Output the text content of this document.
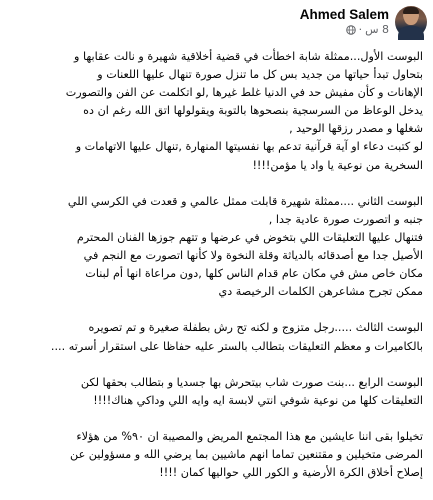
Ahmed Salem
8 س
·
البوست الأول...ممثلة شابة اخطأت في قضية أخلاقية شهيرة و نالت عقابها و
بتحاول تبدأ حياتها من جديد بس كل ما تنزل صورة تنهال عليها اللعنات و
الإهانات و كأن مفيش حد في الدنيا غلط غيرها ,لو اتكلمت عن الفن والتصورت
يدخل الوعاظ من السرسجية بنصحوها بالتوبة ويقولولها اتق الله رغم ان ده
شغلها و مصدر رزقها الوحيد ,
لو كتبت دعاء او آية قرآنية تدعم بها نفسيتها المنهارة ,تنهال عليها الاتهامات و
السخرية من نوعية يا واد يا مؤمن!!!!
البوست الثاني ....ممثلة شهيرة قابلت ممثل عالمي و قعدت في الكرسي اللي
جنبه و اتصورت صورة عادية جدا ,
فتنهال عليها التعليقات اللي بتخوض في عرضها و تتهم جوزها الفنان المحترم
الأصيل جدا مع أصدقائه بالدياثة وقلة النخوة ولا كأنها اتصورت مع النجم في
مكان خاص مش في مكان عام قدام الناس كلها ,دون مراعاة انها أم لبنات
ممكن تجرح مشاعرهن الكلمات الرخيصة دي
البوست الثالث .....رجل متزوج و لكنه تح رش بطفلة صغيرة و تم تصويره
بالكاميرات و معظم التعليقات بتطالب بالستر عليه حفاظا على استقرار أسرته ....
البوست الرابع ...بنت صورت شاب بيتحرش بها جسديا و بتطالب بحقها لكن
التعليقات كلها من نوعية شوفي انتي لابسة ايه وايه اللي وداكي هناك!!!!
تخيلوا بقى اننا عايشين مع هذا المجتمع المريض والمصيبة ان ٩٠% من هؤلاء
المرضى متخيلين و مقتنعين تماما انهم ماشيين بما يرضي الله و مسؤولين عن
إصلاح أخلاق الكرة الأرضية و الكور اللي حواليها كمان !!!!
